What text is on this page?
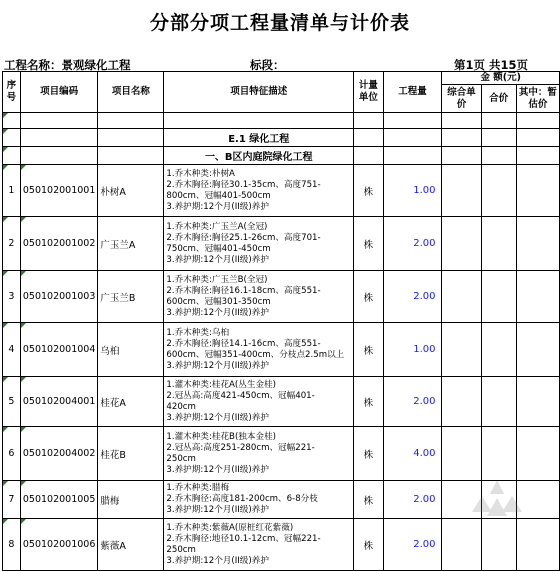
分部分项工程量清单与计价表
工程名称：景观绿化工程	标段：	第1页 共15页
序号	项目编码	项目名称	项目特征描述	计量单位	工程量	金 额(元)		
						综合单价	合价	其中：暂估价

			E.1 绿化工程					

			一、B区内庭院绿化工程					

1	050102001001	朴树A	1.乔木种类:朴树A
2.乔木胸径:胸径30.1-35cm、高度751-
800cm、冠幅401-500cm
3.养护期:12个月(II级)养护	株	1.00			

2	050102001002	广玉兰A	1.乔木种类:广玉兰A(全冠)
2.乔木胸径:胸径25.1-26cm、高度701-
750cm、冠幅401-450cm
3.养护期:12个月(II级)养护	株	2.00			

3	050102001003	广玉兰B	1.乔木种类:广玉兰B(全冠)
2.乔木胸径:胸径16.1-18cm、高度551-
600cm、冠幅301-350cm
3.养护期:12个月(II级)养护	株	2.00			

4	050102001004	乌桕	1.乔木种类:乌桕
2.乔木胸径:胸径14.1-16cm、高度551-
600cm、冠幅351-400cm、分枝点2.5m以上
3.养护期:12个月(II级)养护	株	1.00			

5	050102004001	桂花A	1.灌木种类:桂花A(丛生金桂)
2.冠丛高:高度421-450cm、冠幅401-
420cm
3.养护期:12个月(II级)养护	株	2.00			

6	050102004002	桂花B	1.灌木种类:桂花B(独本金桂)
2.冠丛高:高度251-280cm、冠幅221-
250cm
3.养护期:12个月(II级)养护	株	4.00			

7	050102001005	腊梅	1.乔木种类:腊梅
2.乔木胸径:高度181-200cm、6-8分枝
3.养护期:12个月(II级)养护	株	2.00			

8	050102001006	紫薇A	1.乔木种类:紫薇A(原桩红花紫薇)
2.乔木胸径:地径10.1-12cm、冠幅221-
250cm
3.养护期:12个月(II级)养护	株	2.00			
